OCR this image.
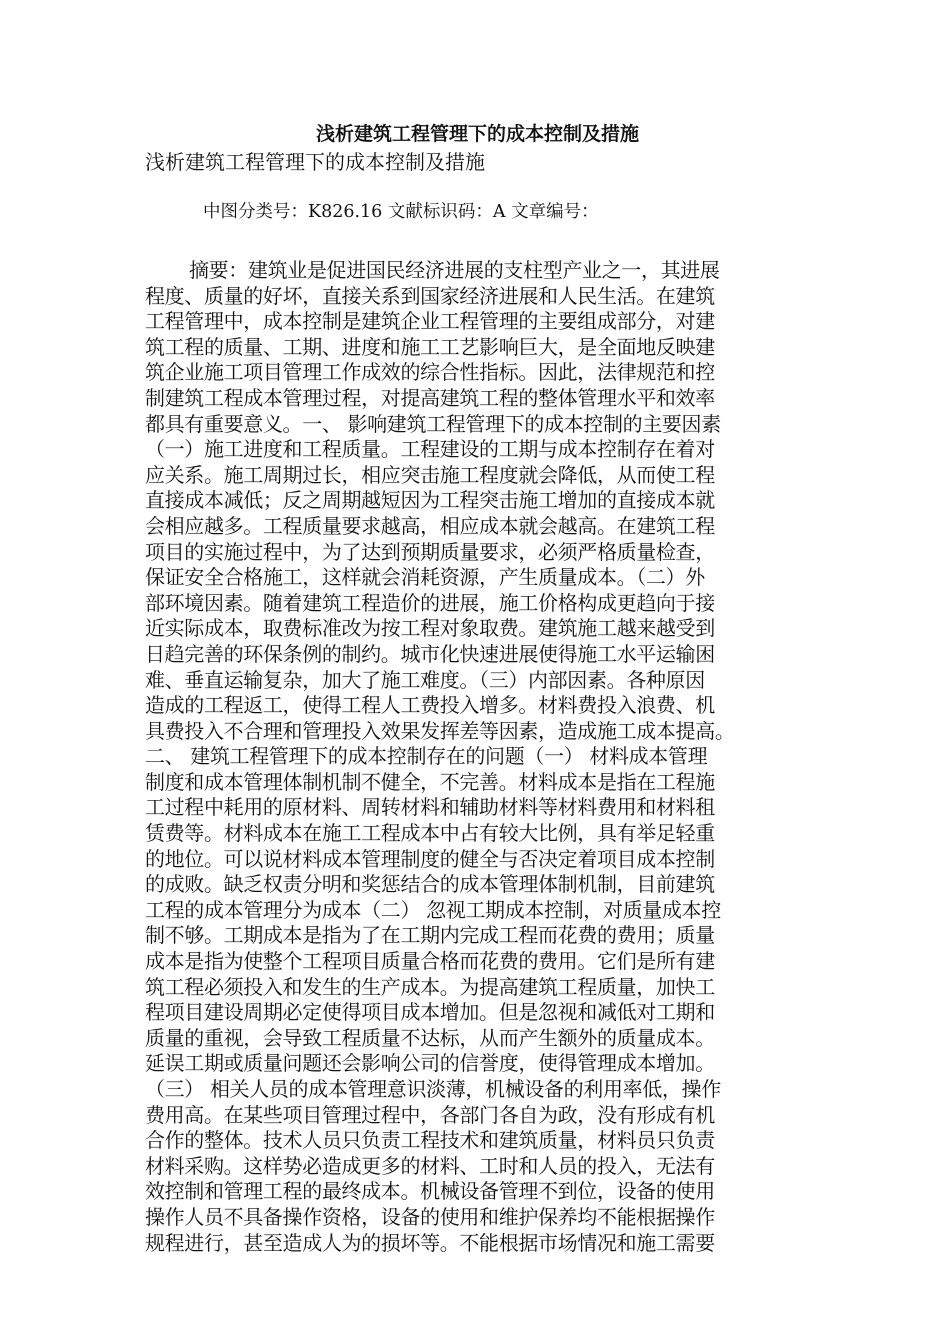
浅析建筑工程管理下的成本控制及措施
浅析建筑工程管理下的成本控制及措施
中图分类号：K826.16 文献标识码：A 文章编号：
摘要：建筑业是促进国民经济进展的支柱型产业之一，其进展
程度、质量的好坏，直接关系到国家经济进展和人民生活。在建筑
工程管理中，成本控制是建筑企业工程管理的主要组成部分，对建
筑工程的质量、工期、进度和施工工艺影响巨大，是全面地反映建
筑企业施工项目管理工作成效的综合性指标。因此，法律规范和控
制建筑工程成本管理过程，对提高建筑工程的整体管理水平和效率
都具有重要意义。一、 影响建筑工程管理下的成本控制的主要因素
（一）施工进度和工程质量。工程建设的工期与成本控制存在着对
应关系。施工周期过长，相应突击施工程度就会降低，从而使工程
直接成本减低；反之周期越短因为工程突击施工增加的直接成本就
会相应越多。工程质量要求越高，相应成本就会越高。在建筑工程
项目的实施过程中，为了达到预期质量要求，必须严格质量检查，
保证安全合格施工，这样就会消耗资源，产生质量成本。（二）外
部环境因素。随着建筑工程造价的进展，施工价格构成更趋向于接
近实际成本，取费标准改为按工程对象取费。建筑施工越来越受到
日趋完善的环保条例的制约。城市化快速进展使得施工水平运输困
难、垂直运输复杂，加大了施工难度。（三）内部因素。各种原因
造成的工程返工，使得工程人工费投入增多。材料费投入浪费、机
具费投入不合理和管理投入效果发挥差等因素，造成施工成本提高。
二、 建筑工程管理下的成本控制存在的问题（一） 材料成本管理
制度和成本管理体制机制不健全，不完善。材料成本是指在工程施
工过程中耗用的原材料、周转材料和辅助材料等材料费用和材料租
赁费等。材料成本在施工工程成本中占有较大比例，具有举足轻重
的地位。可以说材料成本管理制度的健全与否决定着项目成本控制
的成败。缺乏权责分明和奖惩结合的成本管理体制机制，目前建筑
工程的成本管理分为成本（二） 忽视工期成本控制，对质量成本控
制不够。工期成本是指为了在工期内完成工程而花费的费用；质量
成本是指为使整个工程项目质量合格而花费的费用。它们是所有建
筑工程必须投入和发生的生产成本。为提高建筑工程质量，加快工
程项目建设周期必定使得项目成本增加。但是忽视和减低对工期和
质量的重视，会导致工程质量不达标，从而产生额外的质量成本。
延误工期或质量问题还会影响公司的信誉度，使得管理成本增加。
（三） 相关人员的成本管理意识淡薄，机械设备的利用率低，操作
费用高。在某些项目管理过程中，各部门各自为政，没有形成有机
合作的整体。技术人员只负责工程技术和建筑质量，材料员只负责
材料采购。这样势必造成更多的材料、工时和人员的投入，无法有
效控制和管理工程的最终成本。机械设备管理不到位，设备的使用
操作人员不具备操作资格，设备的使用和维护保养均不能根据操作
规程进行，甚至造成人为的损坏等。不能根据市场情况和施工需要
